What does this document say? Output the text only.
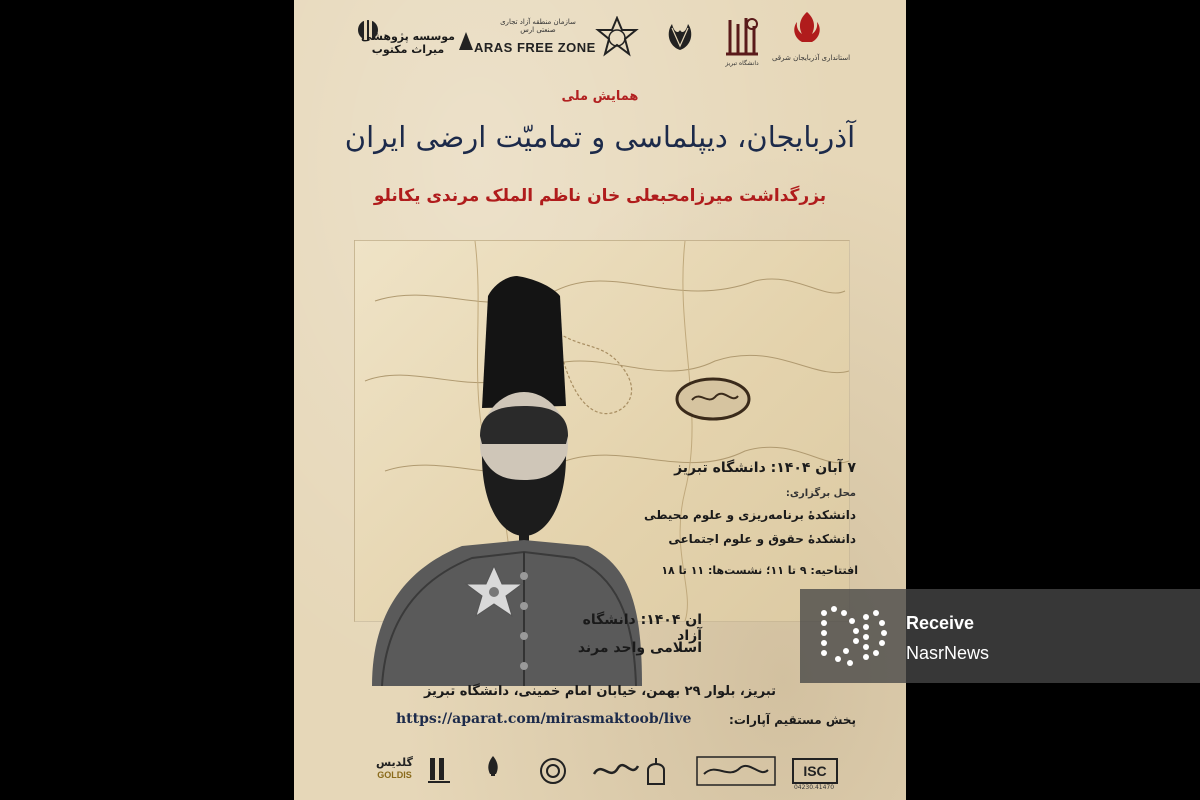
استانداری آذربایجان شرقی
دانشگاه تبریز
سازمان منطقه آزاد تجاری صنعتی ارس
ARAS FREE ZONE
موسسه پژوهشی میراث مکتوب
همایش ملی
آذربایجان، دیپلماسی و تمامیّت ارضی ایران
بزرگداشت میرزامحبعلی خان ناظم الملک مرندی یکانلو
۷ آبان ۱۴۰۴: دانشگاه تبریز
محل برگزاری:
دانشکدهٔ برنامه‌ریزی و علوم محیطی
دانشکدهٔ حقوق و علوم اجتماعی
افتتاحیه: ۹ تا ۱۱؛ نشست‌ها: ۱۱ تا ۱۸
ان ۱۴۰۴: دانشگاه آزاد
اسلامی واحد مرند
تبریز، بلوار ۲۹ بهمن، خیابان امام خمینی، دانشگاه تبریز
پخش مستقیم آپارات:
https://aparat.com/mirasmaktoob/live
گلدیس
GOLDIS	ISC
04230.41470
Receive
NasrNews
